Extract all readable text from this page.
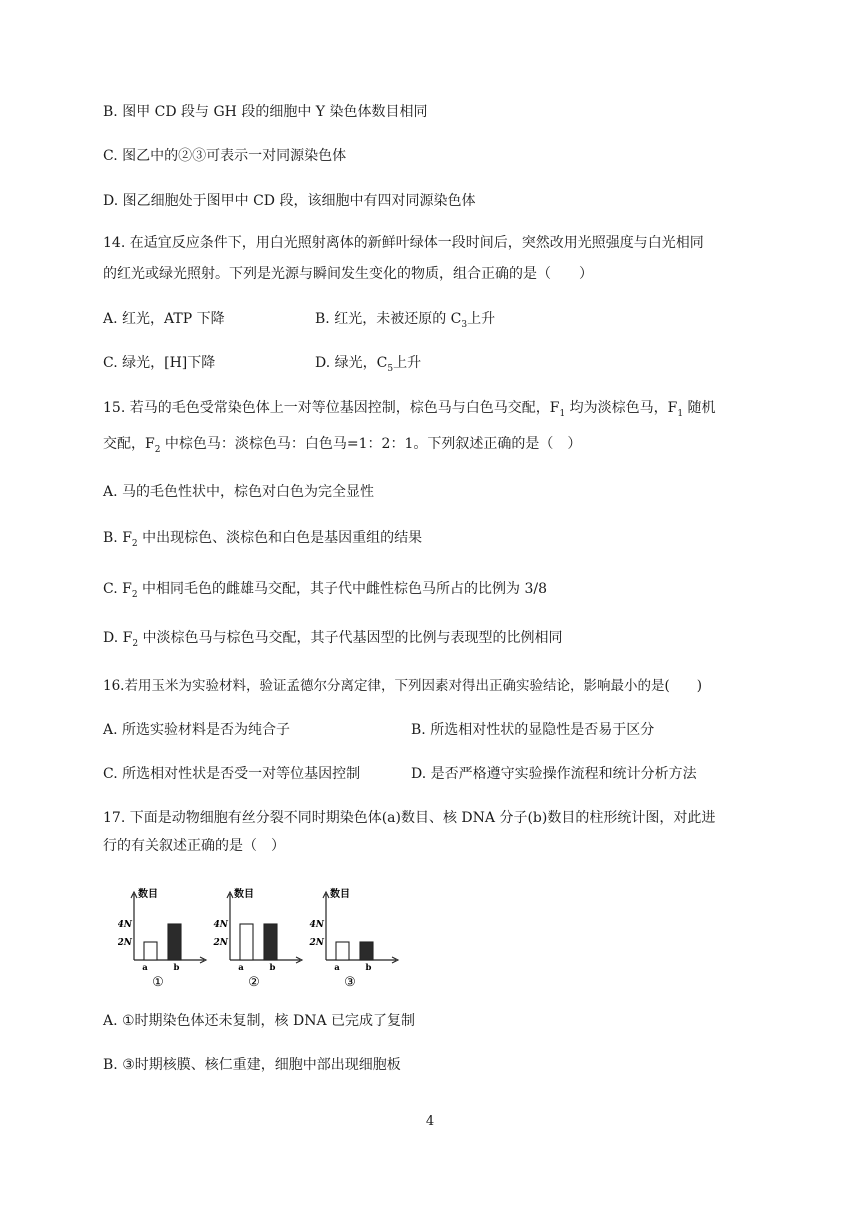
B. 图甲 CD 段与 GH 段的细胞中 Y 染色体数目相同
C. 图乙中的②③可表示一对同源染色体
D. 图乙细胞处于图甲中 CD 段，该细胞中有四对同源染色体
14. 在适宜反应条件下，用白光照射离体的新鲜叶绿体一段时间后，突然改用光照强度与白光相同
的红光或绿光照射。下列是光源与瞬间发生变化的物质，组合正确的是（　　）
A. 红光，ATP 下降	B. 红光，未被还原的 $C_3$上升
C. 绿光，[H]下降	D. 绿光，$C_5$上升
15. 若马的毛色受常染色体上一对等位基因控制，棕色马与白色马交配，$F_1$ 均为淡棕色马，$F_1$ 随机
交配，$F_2$ 中棕色马：淡棕色马：白色马=1：2：1。下列叙述正确的是（　）
A. 马的毛色性状中，棕色对白色为完全显性
B. $F_2$ 中出现棕色、淡棕色和白色是基因重组的结果
C. $F_2$ 中相同毛色的雌雄马交配，其子代中雌性棕色马所占的比例为 3/8
D. $F_2$ 中淡棕色马与棕色马交配，其子代基因型的比例与表现型的比例相同
16.若用玉米为实验材料，验证孟德尔分离定律，下列因素对得出正确实验结论，影响最小的是(　　)
A. 所选实验材料是否为纯合子	B. 所选相对性状的显隐性是否易于区分
C. 所选相对性状是否受一对等位基因控制	D. 是否严格遵守实验操作流程和统计分析方法
17. 下面是动物细胞有丝分裂不同时期染色体(a)数目、核 DNA 分子(b)数目的柱形统计图，对此进
行的有关叙述正确的是（　）
数目
4N
2N
a	b
①
数目
4N
2N
a	b
②
数目
4N
2N
a	b
③
A. ①时期染色体还未复制，核 DNA 已完成了复制
B. ③时期核膜、核仁重建，细胞中部出现细胞板
4
